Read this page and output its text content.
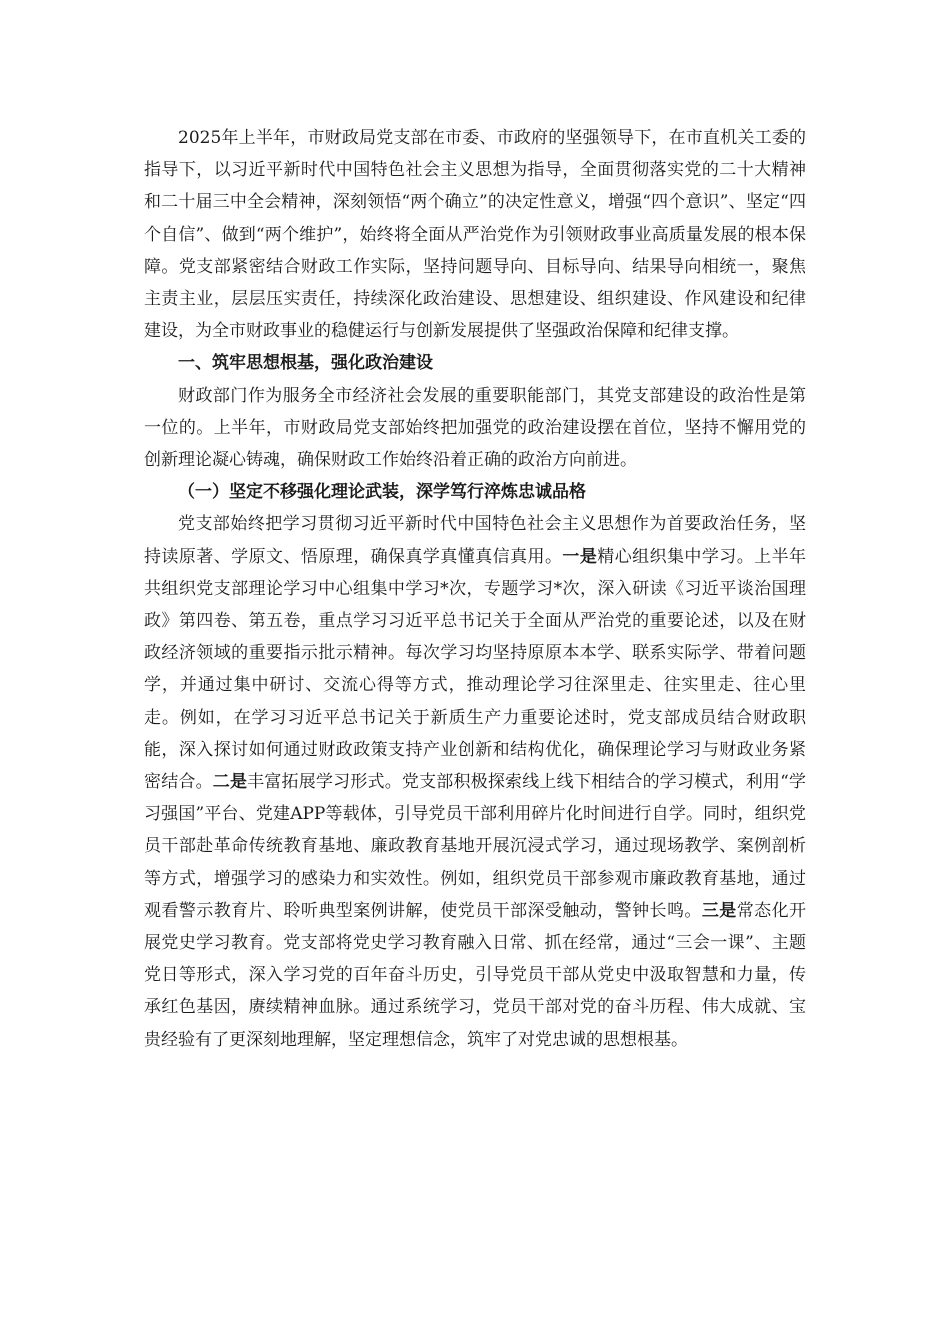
2025年上半年，市财政局党支部在市委、市政府的坚强领导下，在市直机关工委的指导下，以习近平新时代中国特色社会主义思想为指导，全面贯彻落实党的二十大精神和二十届三中全会精神，深刻领悟“两个确立”的决定性意义，增强“四个意识”、坚定“四个自信”、做到“两个维护”，始终将全面从严治党作为引领财政事业高质量发展的根本保障。党支部紧密结合财政工作实际，坚持问题导向、目标导向、结果导向相统一，聚焦主责主业，层层压实责任，持续深化政治建设、思想建设、组织建设、作风建设和纪律建设，为全市财政事业的稳健运行与创新发展提供了坚强政治保障和纪律支撑。

一、筑牢思想根基，强化政治建设

财政部门作为服务全市经济社会发展的重要职能部门，其党支部建设的政治性是第一位的。上半年，市财政局党支部始终把加强党的政治建设摆在首位，坚持不懈用党的创新理论凝心铸魂，确保财政工作始终沿着正确的政治方向前进。

（一）坚定不移强化理论武装，深学笃行淬炼忠诚品格

党支部始终把学习贯彻习近平新时代中国特色社会主义思想作为首要政治任务，坚持读原著、学原文、悟原理，确保真学真懂真信真用。一是精心组织集中学习。上半年共组织党支部理论学习中心组集中学习*次，专题学习*次，深入研读《习近平谈治国理政》第四卷、第五卷，重点学习习近平总书记关于全面从严治党的重要论述，以及在财政经济领域的重要指示批示精神。每次学习均坚持原原本本学、联系实际学、带着问题学，并通过集中研讨、交流心得等方式，推动理论学习往深里走、往实里走、往心里走。例如，在学习习近平总书记关于新质生产力重要论述时，党支部成员结合财政职能，深入探讨如何通过财政政策支持产业创新和结构优化，确保理论学习与财政业务紧密结合。二是丰富拓展学习形式。党支部积极探索线上线下相结合的学习模式，利用“学习强国”平台、党建APP等载体，引导党员干部利用碎片化时间进行自学。同时，组织党员干部赴革命传统教育基地、廉政教育基地开展沉浸式学习，通过现场教学、案例剖析等方式，增强学习的感染力和实效性。例如，组织党员干部参观市廉政教育基地，通过观看警示教育片、聆听典型案例讲解，使党员干部深受触动，警钟长鸣。三是常态化开展党史学习教育。党支部将党史学习教育融入日常、抓在经常，通过“三会一课”、主题党日等形式，深入学习党的百年奋斗历史，引导党员干部从党史中汲取智慧和力量，传承红色基因，赓续精神血脉。通过系统学习，党员干部对党的奋斗历程、伟大成就、宝贵经验有了更深刻地理解，坚定理想信念，筑牢了对党忠诚的思想根基。
